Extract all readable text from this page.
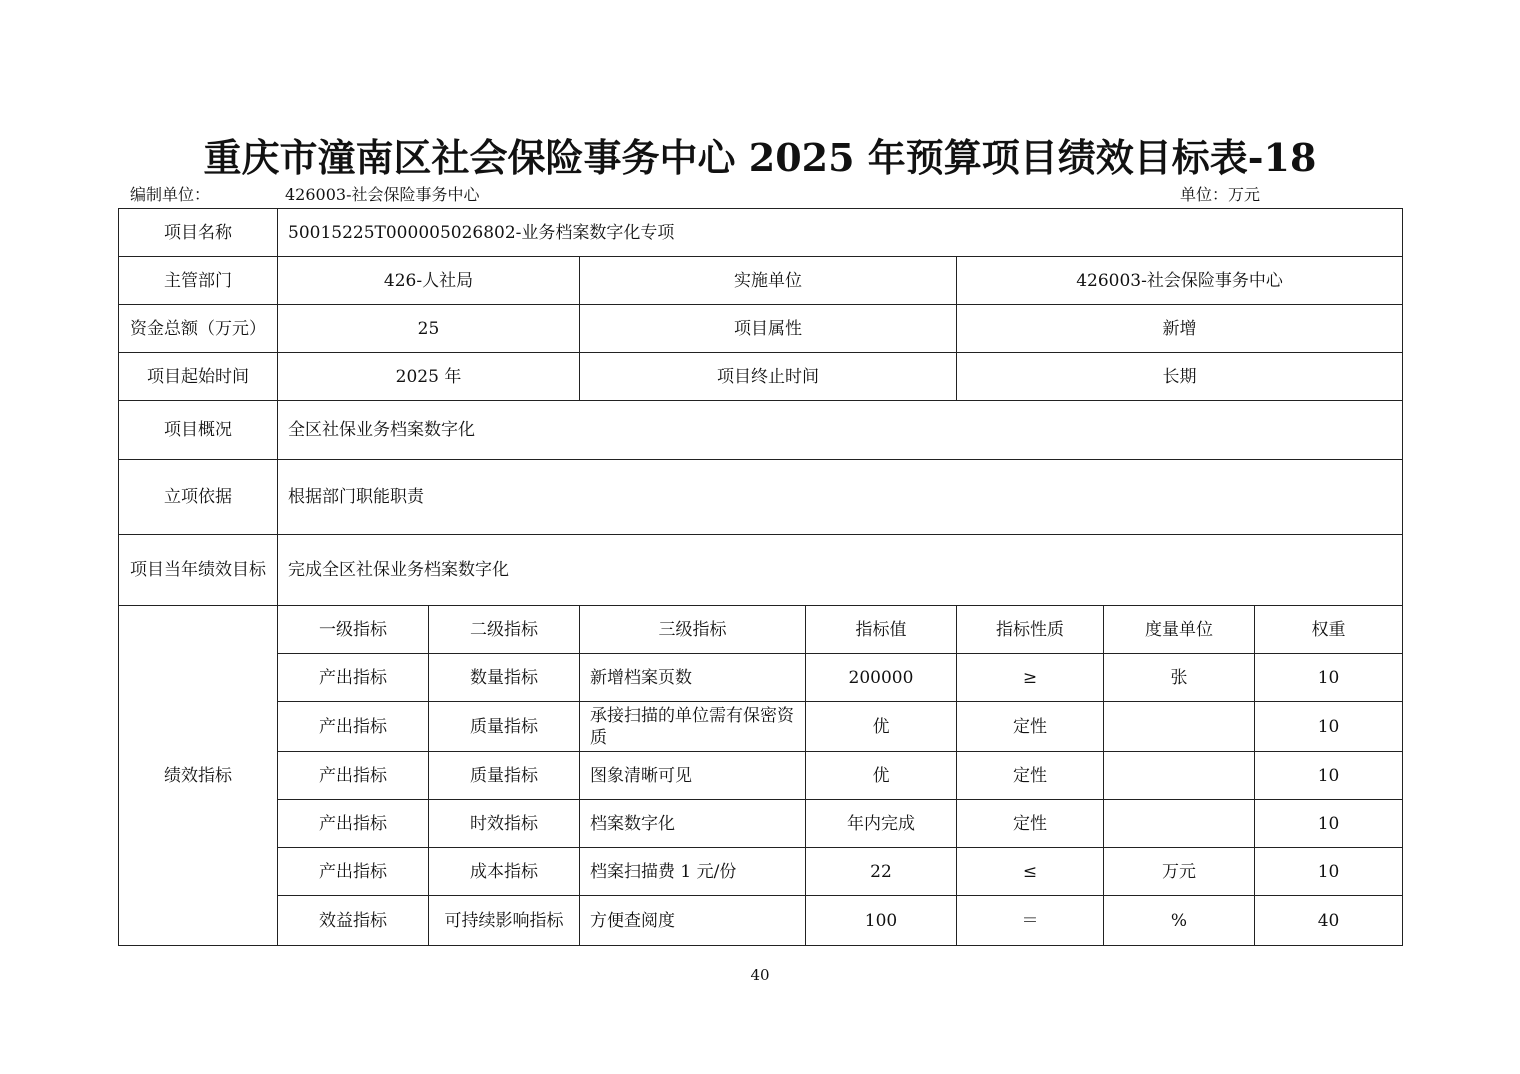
重庆市潼南区社会保险事务中心 2025 年预算项目绩效目标表-18
编制单位：	426003-社会保险事务中心	单位：万元
项目名称	50015225T000005026802-业务档案数字化专项						
主管部门	426-人社局		实施单位		426003-社会保险事务中心		
资金总额（万元）	25		项目属性		新增		
项目起始时间	2025 年		项目终止时间		长期		
项目概况	全区社保业务档案数字化						
立项依据	根据部门职能职责						
项目当年绩效目标	完成全区社保业务档案数字化						
绩效指标	一级指标	二级指标	三级指标	指标值	指标性质	度量单位	权重
	产出指标	数量指标	新增档案页数	200000	≥	张	10
	产出指标	质量指标	承接扫描的单位需有保密资质	优	定性		10
	产出指标	质量指标	图象清晰可见	优	定性		10
	产出指标	时效指标	档案数字化	年内完成	定性		10
	产出指标	成本指标	档案扫描费 1 元/份	22	≤	万元	10
	效益指标	可持续影响指标	方便查阅度	100	＝	%	40
40
